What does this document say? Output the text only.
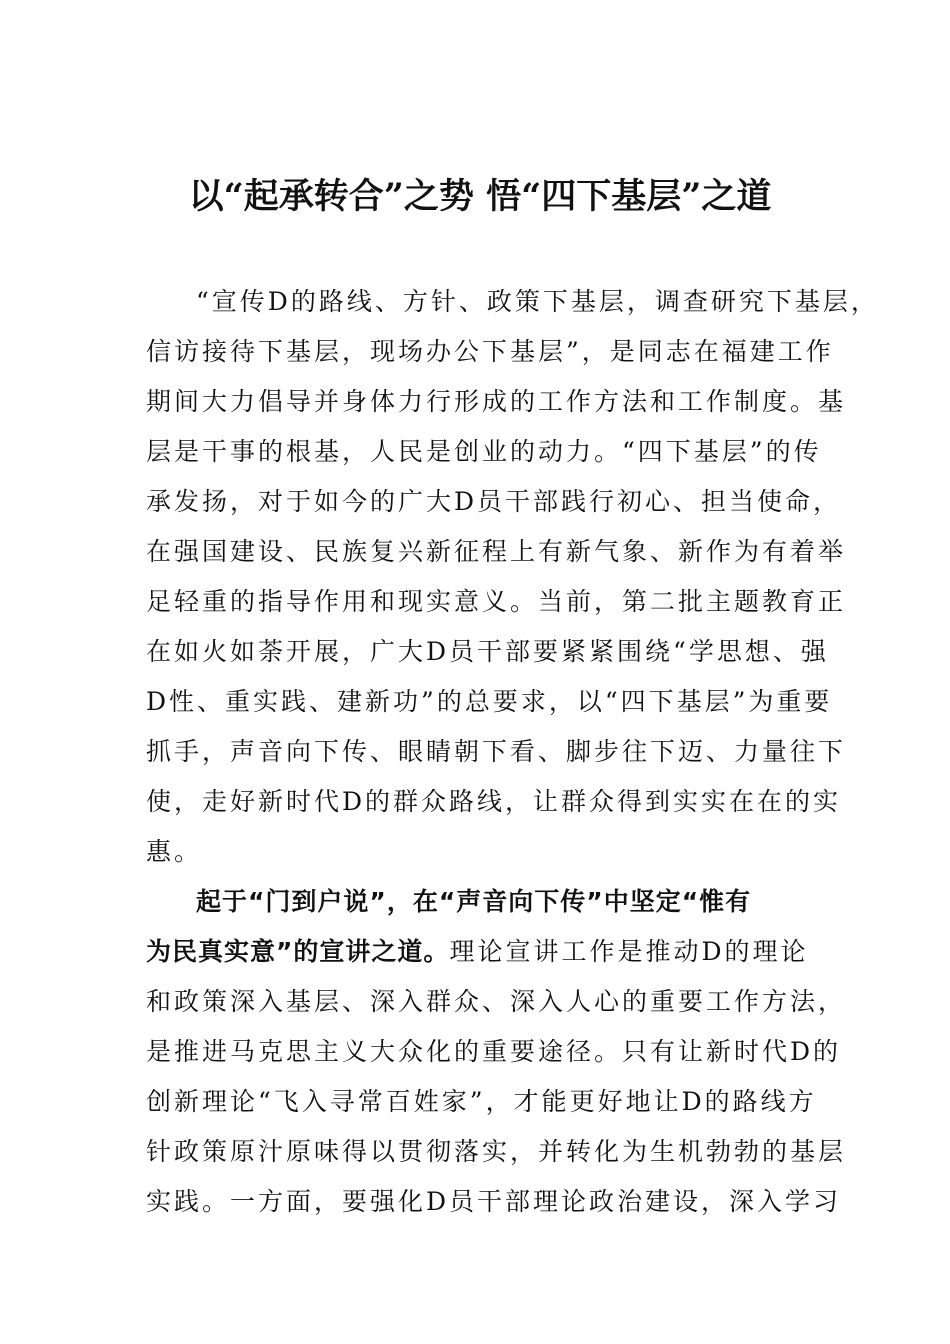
以“起承转合”之势 悟“四下基层”之道
“宣传D的路线、方针、政策下基层，调查研究下基层，
信访接待下基层，现场办公下基层”，是同志在福建工作
期间大力倡导并身体力行形成的工作方法和工作制度。基
层是干事的根基，人民是创业的动力。“四下基层”的传
承发扬，对于如今的广大D员干部践行初心、担当使命，
在强国建设、民族复兴新征程上有新气象、新作为有着举
足轻重的指导作用和现实意义。当前，第二批主题教育正
在如火如荼开展，广大D员干部要紧紧围绕“学思想、强
D性、重实践、建新功”的总要求，以“四下基层”为重要
抓手，声音向下传、眼睛朝下看、脚步往下迈、力量往下
使，走好新时代D的群众路线，让群众得到实实在在的实
惠。
起于“门到户说”，在“声音向下传”中坚定“惟有
为民真实意”的宣讲之道。理论宣讲工作是推动D的理论
和政策深入基层、深入群众、深入人心的重要工作方法，
是推进马克思主义大众化的重要途径。只有让新时代D的
创新理论“飞入寻常百姓家”，才能更好地让D的路线方
针政策原汁原味得以贯彻落实，并转化为生机勃勃的基层
实践。一方面，要强化D员干部理论政治建设，深入学习
